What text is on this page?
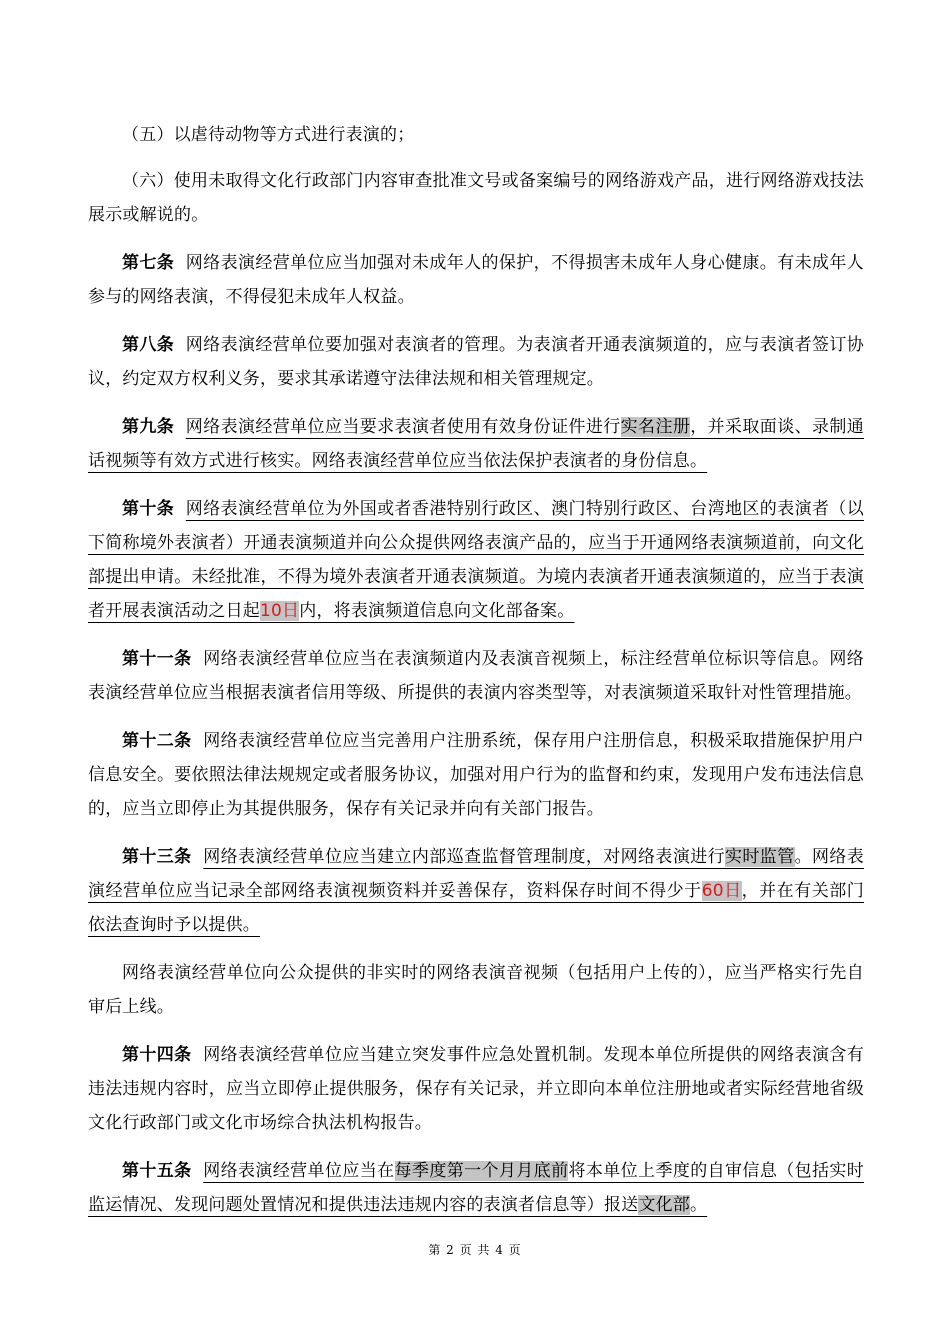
（五）以虐待动物等方式进行表演的；

（六）使用未取得文化行政部门内容审查批准文号或备案编号的网络游戏产品，进行网络游戏技法展示或解说的。

第七条 网络表演经营单位应当加强对未成年人的保护，不得损害未成年人身心健康。有未成年人参与的网络表演，不得侵犯未成年人权益。

第八条 网络表演经营单位要加强对表演者的管理。为表演者开通表演频道的，应与表演者签订协议，约定双方权利义务，要求其承诺遵守法律法规和相关管理规定。

第九条 网络表演经营单位应当要求表演者使用有效身份证件进行实名注册，并采取面谈、录制通话视频等有效方式进行核实。网络表演经营单位应当依法保护表演者的身份信息。

第十条 网络表演经营单位为外国或者香港特别行政区、澳门特别行政区、台湾地区的表演者（以下简称境外表演者）开通表演频道并向公众提供网络表演产品的，应当于开通网络表演频道前，向文化部提出申请。未经批准，不得为境外表演者开通表演频道。为境内表演者开通表演频道的，应当于表演者开展表演活动之日起10日内，将表演频道信息向文化部备案。

第十一条 网络表演经营单位应当在表演频道内及表演音视频上，标注经营单位标识等信息。网络表演经营单位应当根据表演者信用等级、所提供的表演内容类型等，对表演频道采取针对性管理措施。

第十二条 网络表演经营单位应当完善用户注册系统，保存用户注册信息，积极采取措施保护用户信息安全。要依照法律法规规定或者服务协议，加强对用户行为的监督和约束，发现用户发布违法信息的，应当立即停止为其提供服务，保存有关记录并向有关部门报告。

第十三条 网络表演经营单位应当建立内部巡查监督管理制度，对网络表演进行实时监管。网络表演经营单位应当记录全部网络表演视频资料并妥善保存，资料保存时间不得少于60日，并在有关部门依法查询时予以提供。

网络表演经营单位向公众提供的非实时的网络表演音视频（包括用户上传的），应当严格实行先自审后上线。

第十四条 网络表演经营单位应当建立突发事件应急处置机制。发现本单位所提供的网络表演含有违法违规内容时，应当立即停止提供服务，保存有关记录，并立即向本单位注册地或者实际经营地省级文化行政部门或文化市场综合执法机构报告。

第十五条 网络表演经营单位应当在每季度第一个月月底前将本单位上季度的自审信息（包括实时监运情况、发现问题处置情况和提供违法违规内容的表演者信息等）报送文化部。

第 2 页 共 4 页
